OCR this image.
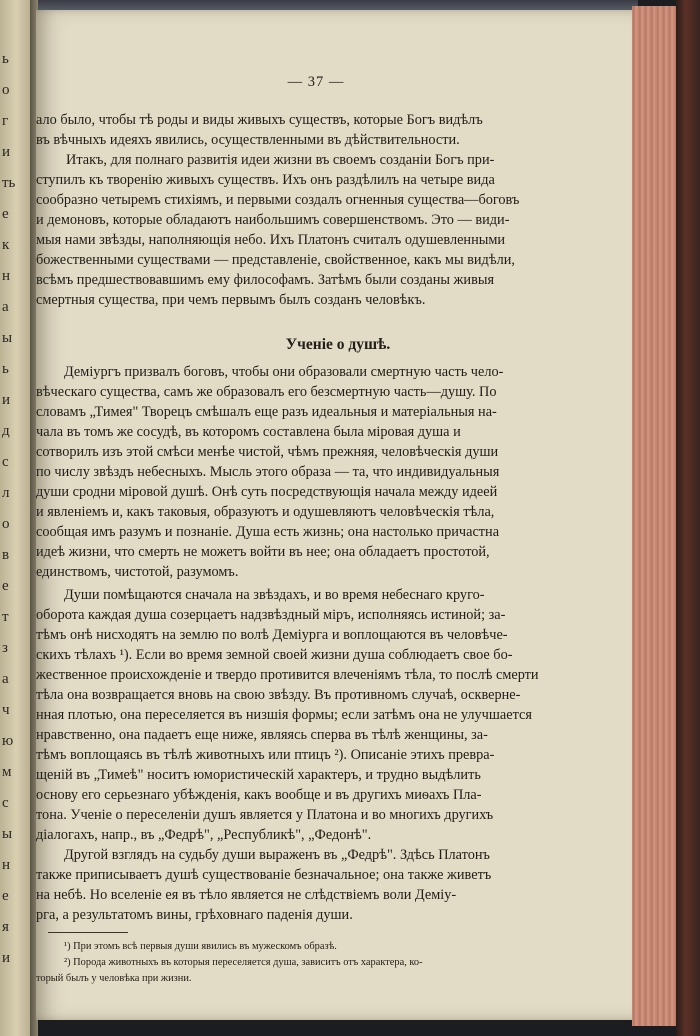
ь
о
г
и
ть
е
к
н
а
ы
ь
и
д
с
л
о
в
е
т
з
а
ч
ю
м
с
ы
н
е
я
и
— 37 —
ало было, чтобы тѣ роды и виды живыхъ существъ, которые Богъ видѣлъ
въ вѣчныхъ идеяхъ явились, осуществленными въ дѣйствительности.
Итакъ, для полнаго развитiя идеи жизни въ своемъ созданiи Богъ при-
ступилъ къ творенiю живыхъ существъ. Ихъ онъ раздѣлилъ на четыре вида
сообразно четыремъ стихiямъ, и первыми создалъ огненныя существа—боговъ
и демоновъ, которые обладаютъ наибольшимъ совершенствомъ. Это — види-
мыя нами звѣзды, наполняющiя небо. Ихъ Платонъ считалъ одушевленными
божественными существами — представленiе, свойственное, какъ мы видѣли,
всѣмъ предшествовавшимъ ему философамъ. Затѣмъ были созданы живыя
смертныя существа, при чемъ первымъ былъ созданъ человѣкъ.
Ученiе о душѣ.
Демiургъ призвалъ боговъ, чтобы они образовали смертную часть чело-
вѣческаго существа, самъ же образовалъ его безсмертную часть—душу. По
словамъ „Тимея" Творецъ смѣшалъ еще разъ идеальныя и матерiальныя на-
чала въ томъ же сосудѣ, въ которомъ составлена была мiровая душа и
сотворилъ изъ этой смѣси менѣе чистой, чѣмъ прежняя, человѣческiя души
по числу звѣздъ небесныхъ. Мысль этого образа — та, что индивидуальныя
души сродни мiровой душѣ. Онѣ суть посредствующiя начала между идеей
и явленiемъ и, какъ таковыя, образуютъ и одушевляютъ человѣческiя тѣла,
сообщая имъ разумъ и познанiе. Душа есть жизнь; она настолько причастна
идеѣ жизни, что смерть не можетъ войти въ нее; она обладаетъ простотой,
единствомъ, чистотой, разумомъ.
Души помѣщаются сначала на звѣздахъ, и во время небеснаго круго-
оборота каждая душа созерцаетъ надзвѣздный мiръ, исполняясь истиной; за-
тѣмъ онѣ нисходятъ на землю по волѣ Демiурга и воплощаются въ человѣче-
скихъ тѣлахъ ¹). Если во время земной своей жизни душа соблюдаетъ свое бо-
жественное происхожденiе и твердо противится влеченiямъ тѣла, то послѣ смерти
тѣла она возвращается вновь на свою звѣзду. Въ противномъ случаѣ, оскверне-
нная плотью, она переселяется въ низшiя формы; если затѣмъ она не улучшается
нравственно, она падаетъ еще ниже, являясь сперва въ тѣлѣ женщины, за-
тѣмъ воплощаясь въ тѣлѣ животныхъ или птицъ ²). Описанiе этихъ превра-
щенiй въ „Тимеѣ" носитъ юмористическiй характеръ, и трудно выдѣлить
основу его серьезнаго убѣжденiя, какъ вообще и въ другихъ миѳахъ Пла-
тона. Ученiе о переселенiи душъ является у Платона и во многихъ другихъ
дiалогахъ, напр., въ „Федрѣ", „Республикѣ", „Федонѣ".
Другой взглядъ на судьбу души выраженъ въ „Федрѣ". Здѣсь Платонъ
также приписываетъ душѣ существованiе безначальное; она также живетъ
на небѣ. Но вселенiе ея въ тѣло является не слѣдствiемъ воли Демiу-
рга, а результатомъ вины, грѣховнаго паденiя души.
¹) При этомъ всѣ первыя души явились въ мужескомъ образѣ.
²) Порода животныхъ въ которыя переселяется душа, зависитъ отъ характера, ко-
торый былъ у человѣка при жизни.
